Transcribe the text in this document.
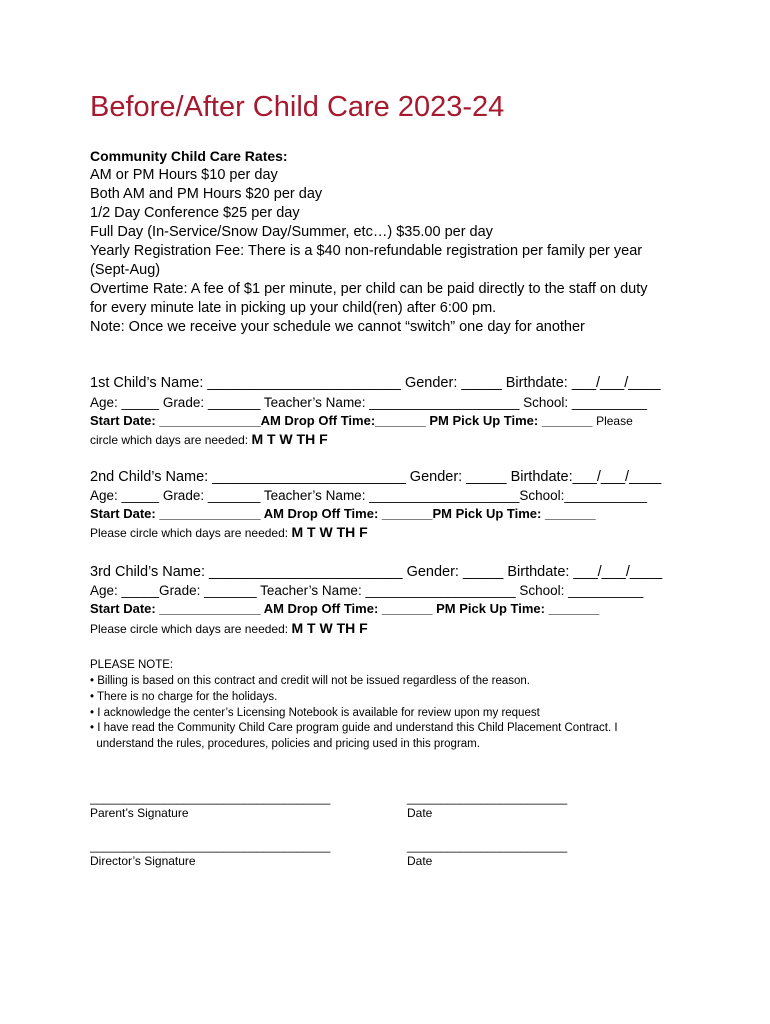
Before/After Child Care 2023-24
Community Child Care Rates:
AM or PM Hours $10 per day
Both AM and PM Hours $20 per day
1/2 Day Conference $25 per day
Full Day (In-Service/Snow Day/Summer, etc…) $35.00 per day
Yearly Registration Fee: There is a $40 non-refundable registration per family per year
(Sept-Aug)
Overtime Rate: A fee of $1 per minute, per child can be paid directly to the staff on duty
for every minute late in picking up your child(ren) after 6:00 pm.
Note: Once we receive your schedule we cannot “switch” one day for another
1st Child’s Name: ________________________ Gender: _____ Birthdate: ___/___/____
Age: _____ Grade: _______ Teacher’s Name: ____________________ School: __________
Start Date: ______________AM Drop Off Time:_______ PM Pick Up Time: _______ Please
circle which days are needed: M T W TH F
2nd Child’s Name: ________________________ Gender: _____ Birthdate:___/___/____
Age: _____ Grade: _______ Teacher’s Name: ____________________School:___________
Start Date: ______________ AM Drop Off Time: _______PM Pick Up Time: _______
Please circle which days are needed: M T W TH F
3rd Child’s Name: ________________________ Gender: _____ Birthdate: ___/___/____
Age: _____Grade: _______ Teacher’s Name: ____________________ School: __________
Start Date: ______________ AM Drop Off Time: _______ PM Pick Up Time: _______
Please circle which days are needed: M T W TH F
PLEASE NOTE:
• Billing is based on this contract and credit will not be issued regardless of the reason.
• There is no charge for the holidays.
• I acknowledge the center’s Licensing Notebook is available for review upon my request
• I have read the Community Child Care program guide and understand this Child Placement Contract. I
understand the rules, procedures, policies and pricing used in this program.
____________________________________	________________________
Parent’s Signature	Date
____________________________________	________________________
Director’s Signature	Date
